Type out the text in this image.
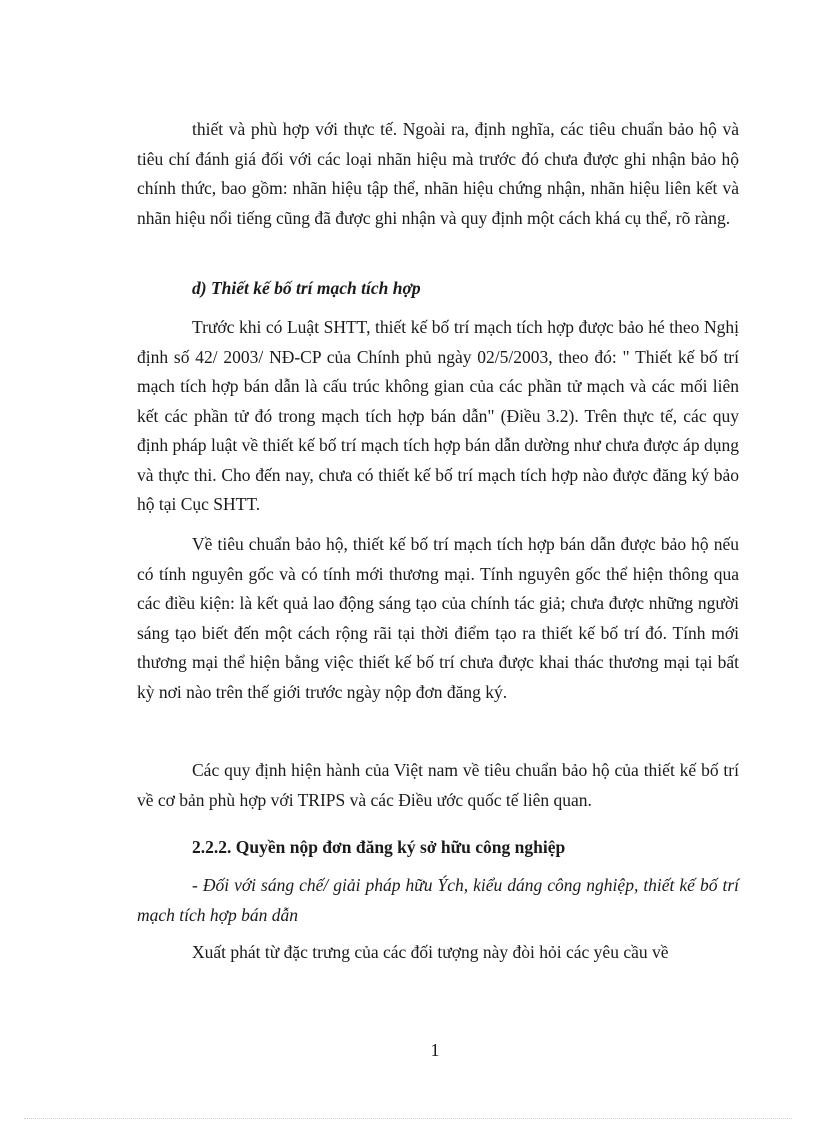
thiết và phù hợp với thực tế. Ngoài ra, định nghĩa, các tiêu chuẩn bảo hộ và tiêu chí đánh giá đối với các loại nhãn hiệu mà trước đó chưa được ghi nhận bảo hộ chính thức, bao gồm: nhãn hiệu tập thể, nhãn hiệu chứng nhận, nhãn hiệu liên kết và nhãn hiệu nổi tiếng cũng đã được ghi nhận và quy định một cách khá cụ thể, rõ ràng.

d) Thiết kế bố trí mạch tích hợp

Trước khi có Luật SHTT, thiết kế bố trí mạch tích hợp được bảo hé theo Nghị định số 42/ 2003/ NĐ-CP của Chính phủ ngày 02/5/2003, theo đó: " Thiết kế bố trí mạch tích hợp bán dẫn là cấu trúc không gian của các phần tử mạch và các mối liên kết các phần tử đó trong mạch tích hợp bán dẫn" (Điều 3.2). Trên thực tế, các quy định pháp luật về thiết kế bố trí mạch tích hợp bán dẫn dường như chưa được áp dụng và thực thi. Cho đến nay, chưa có thiết kế bố trí mạch tích hợp nào được đăng ký bảo hộ tại Cục SHTT.

Về tiêu chuẩn bảo hộ, thiết kế bố trí mạch tích hợp bán dẫn được bảo hộ nếu có tính nguyên gốc và có tính mới thương mại. Tính nguyên gốc thể hiện thông qua các điều kiện: là kết quả lao động sáng tạo của chính tác giả; chưa được những người sáng tạo biết đến một cách rộng rãi tại thời điểm tạo ra thiết kế bố trí đó. Tính mới thương mại thể hiện bằng việc thiết kế bố trí chưa được khai thác thương mại tại bất kỳ nơi nào trên thế giới trước ngày nộp đơn đăng ký.

Các quy định hiện hành của Việt nam về tiêu chuẩn bảo hộ của thiết kế bố trí về cơ bản phù hợp với TRIPS và các Điều ước quốc tế liên quan.

2.2.2. Quyền nộp đơn đăng ký sở hữu công nghiệp

- Đối với sáng chế/ giải pháp hữu Ých, kiểu dáng công nghiệp, thiết kế bố trí mạch tích hợp bán dẫn

Xuất phát từ đặc trưng của các đối tượng này đòi hỏi các yêu cầu về

1
